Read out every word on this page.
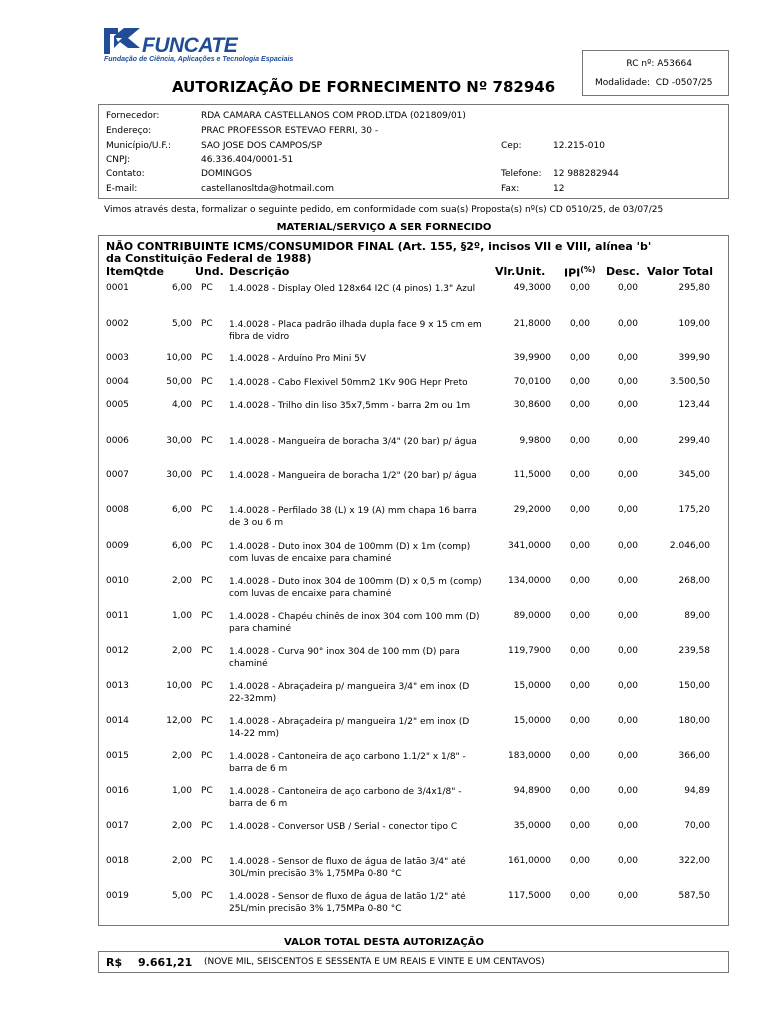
FUNCATE
Fundação de Ciência, Aplicações e Tecnologia Espaciais
AUTORIZAÇÃO DE FORNECIMENTO Nº 782946
RC nº: A53664
Modalidade: CD -0507/25
Fornecedor:	RDA CAMARA CASTELLANOS COM PROD.LTDA (021809/01)
Endereço:	PRAC PROFESSOR ESTEVAO FERRI, 30 -
Município/U.F.:	SAO JOSE DOS CAMPOS/SP	Cep:	12.215-010
CNPJ:	46.336.404/0001-51
Contato:	DOMINGOS	Telefone: 12 988282944
E-mail:	castellanosltda@hotmail.com	Fax:	12
Vimos através desta, formalizar o seguinte pedido, em conformidade com sua(s) Proposta(s) nº(s) CD 0510/25, de 03/07/25
MATERIAL/SERVIÇO A SER FORNECIDO
NÃO CONTRIBUINTE ICMS/CONSUMIDOR FINAL (Art. 155, §2º, incisos VII e VIII, alínea 'b'
da Constituição Federal de 1988)
Item Qtde	Und. Descrição	Vlr.Unit. IPI(%) Desc. Valor Total
0001	6,00 PC 1.4.0028 - Display Oled 128x64 I2C (4 pinos) 1.3" Azul	49,3000 0,00	0,00	295,80
0002	5,00 PC 1.4.0028 - Placa padrão ilhada dupla face 9 x 15 cm em fibra de vidro
21,8000 0,00	0,00	109,00
0003	10,00 PC 1.4.0028 - Arduíno Pro Mini 5V	39,9900 0,00	0,00	399,90
0004	50,00 PC 1.4.0028 - Cabo Flexivel 50mm2 1Kv 90G Hepr Preto	70,0100 0,00	0,00	3.500,50
0005	4,00 PC 1.4.0028 - Trilho din liso 35x7,5mm - barra 2m ou 1m	30,8600 0,00	0,00	123,44
0006	30,00 PC 1.4.0028 - Mangueira de boracha 3/4" (20 bar) p/ água	9,9800 0,00	0,00	299,40
0007	30,00 PC 1.4.0028 - Mangueira de boracha 1/2" (20 bar) p/ água	11,5000 0,00	0,00	345,00
0008	6,00 PC 1.4.0028 - Perfilado 38 (L) x 19 (A) mm chapa 16 barra de 3 ou 6 m
29,2000 0,00	0,00	175,20
0009	6,00 PC 1.4.0028 - Duto inox 304 de 100mm (D) x 1m (comp) com luvas de encaixe para chaminé
341,0000 0,00	0,00	2.046,00
0010	2,00 PC 1.4.0028 - Duto inox 304 de 100mm (D) x 0,5 m (comp) com luvas de encaixe para chaminé
134,0000 0,00	0,00	268,00
0011	1,00 PC 1.4.0028 - Chapéu chinês de inox 304 com 100 mm (D) para chaminé
89,0000 0,00	0,00	89,00
0012	2,00 PC 1.4.0028 - Curva 90° inox 304 de 100 mm (D) para chaminé
119,7900 0,00	0,00	239,58
0013	10,00 PC 1.4.0028 - Abraçadeira p/ mangueira 3/4" em inox (D 22-32mm)
15,0000 0,00	0,00	150,00
0014	12,00 PC 1.4.0028 - Abraçadeira p/ mangueira 1/2" em inox (D 14-22 mm)
15,0000 0,00	0,00	180,00
0015	2,00 PC 1.4.0028 - Cantoneira de aço carbono 1.1/2" x 1/8" - barra de 6 m
183,0000 0,00	0,00	366,00
0016	1,00 PC 1.4.0028 - Cantoneira de aço carbono de 3/4x1/8" - barra de 6 m
94,8900 0,00	0,00	94,89
0017	2,00 PC 1.4.0028 - Conversor USB / Serial - conector tipo C	35,0000 0,00	0,00	70,00
0018	2,00 PC 1.4.0028 - Sensor de fluxo de água de latão 3/4" até 30L/min precisão 3% 1,75MPa 0-80 °C
161,0000 0,00	0,00	322,00
0019	5,00 PC 1.4.0028 - Sensor de fluxo de água de latão 1/2" até 25L/min precisão 3% 1,75MPa 0-80 °C
117,5000 0,00	0,00	587,50
VALOR TOTAL DESTA AUTORIZAÇÃO
R$ 9.661,21 (NOVE MIL, SEISCENTOS E SESSENTA E UM REAIS E VINTE E UM CENTAVOS)
